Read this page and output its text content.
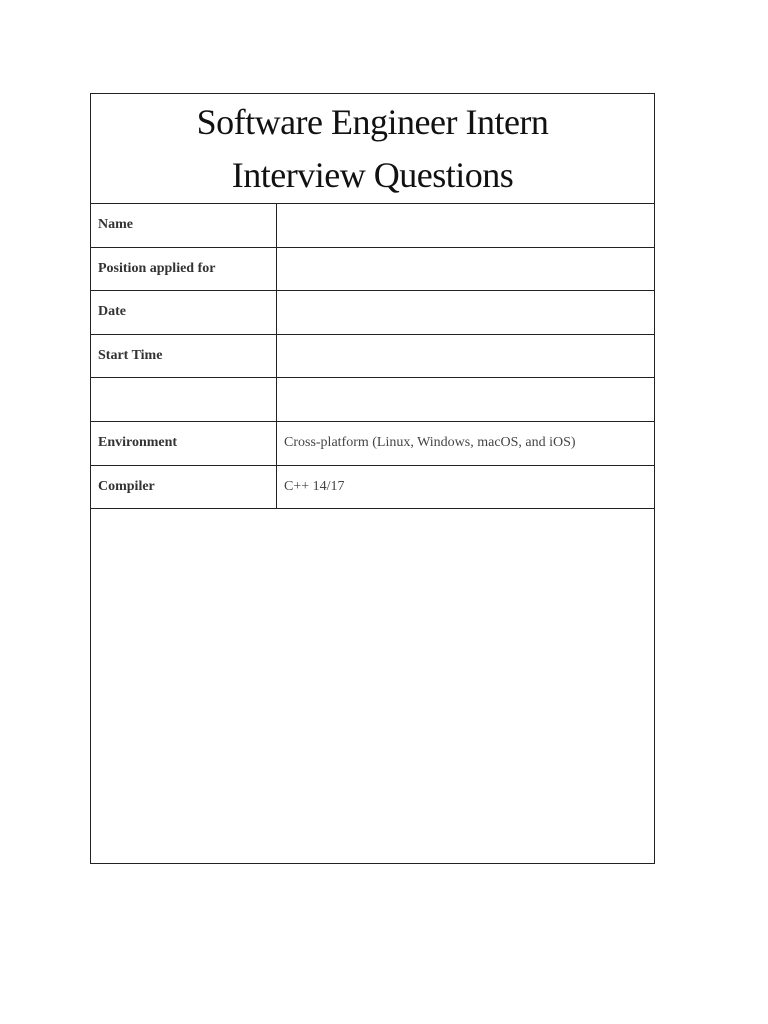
Software Engineer Intern
Interview Questions
Name
Position applied for
Date
Start Time
Environment	Cross-platform (Linux, Windows, macOS, and iOS)
Compiler	C++ 14/17
